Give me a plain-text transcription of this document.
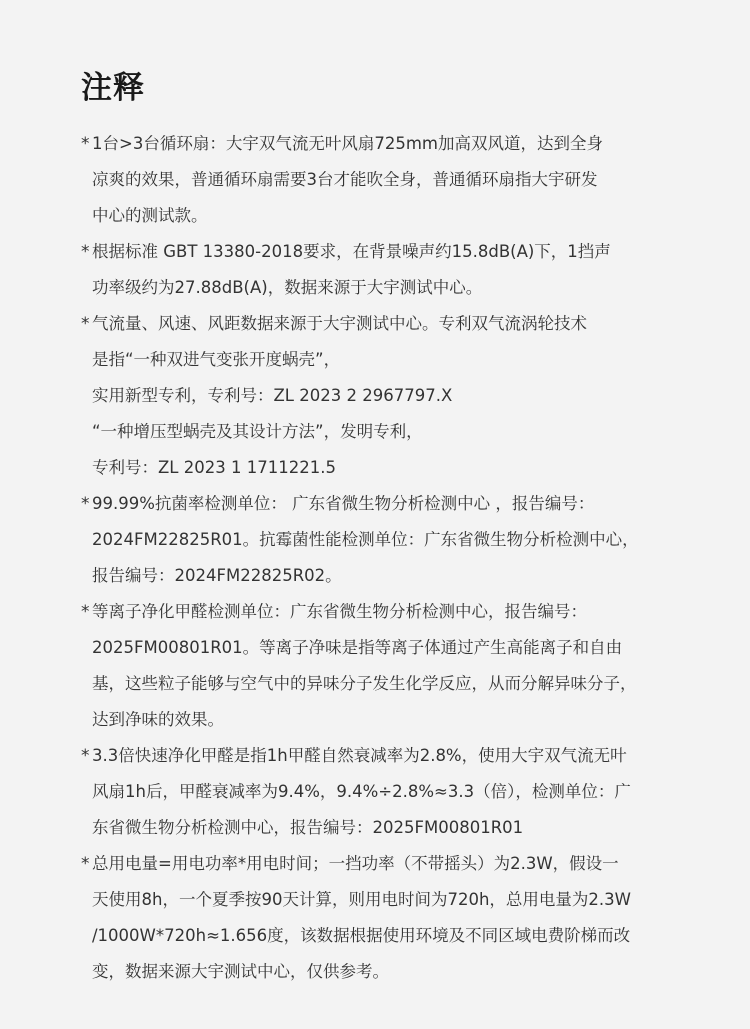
注释
* 1台>3台循环扇：大宇双气流无叶风扇725mm加高双风道，达到全身
凉爽的效果，普通循环扇需要3台才能吹全身，普通循环扇指大宇研发
中心的测试款。
* 根据标准 GBT 13380-2018要求，在背景噪声约15.8dB(A)下，1挡声
功率级约为27.88dB(A)，数据来源于大宇测试中心。
* 气流量、风速、风距数据来源于大宇测试中心。专利双气流涡轮技术
是指“一种双进气变张开度蜗壳”，
实用新型专利，专利号：ZL 2023 2 2967797.X
“一种增压型蜗壳及其设计方法”，发明专利，
专利号：ZL 2023 1 1711221.5
* 99.99%抗菌率检测单位： 广东省微生物分析检测中心 ，报告编号：
2024FM22825R01。抗霉菌性能检测单位：广东省微生物分析检测中心，
报告编号：2024FM22825R02。
* 等离子净化甲醛检测单位：广东省微生物分析检测中心，报告编号：
2025FM00801R01。等离子净味是指等离子体通过产生高能离子和自由
基，这些粒子能够与空气中的异味分子发生化学反应，从而分解异味分子，
达到净味的效果。
* 3.3倍快速净化甲醛是指1h甲醛自然衰减率为2.8%，使用大宇双气流无叶
风扇1h后，甲醛衰减率为9.4%，9.4%÷2.8%≈3.3（倍），检测单位：广
东省微生物分析检测中心，报告编号：2025FM00801R01
* 总用电量=用电功率*用电时间；一挡功率（不带摇头）为2.3W，假设一
天使用8h，一个夏季按90天计算，则用电时间为720h，总用电量为2.3W
/1000W*720h≈1.656度，该数据根据使用环境及不同区域电费阶梯而改
变，数据来源大宇测试中心，仅供参考。
